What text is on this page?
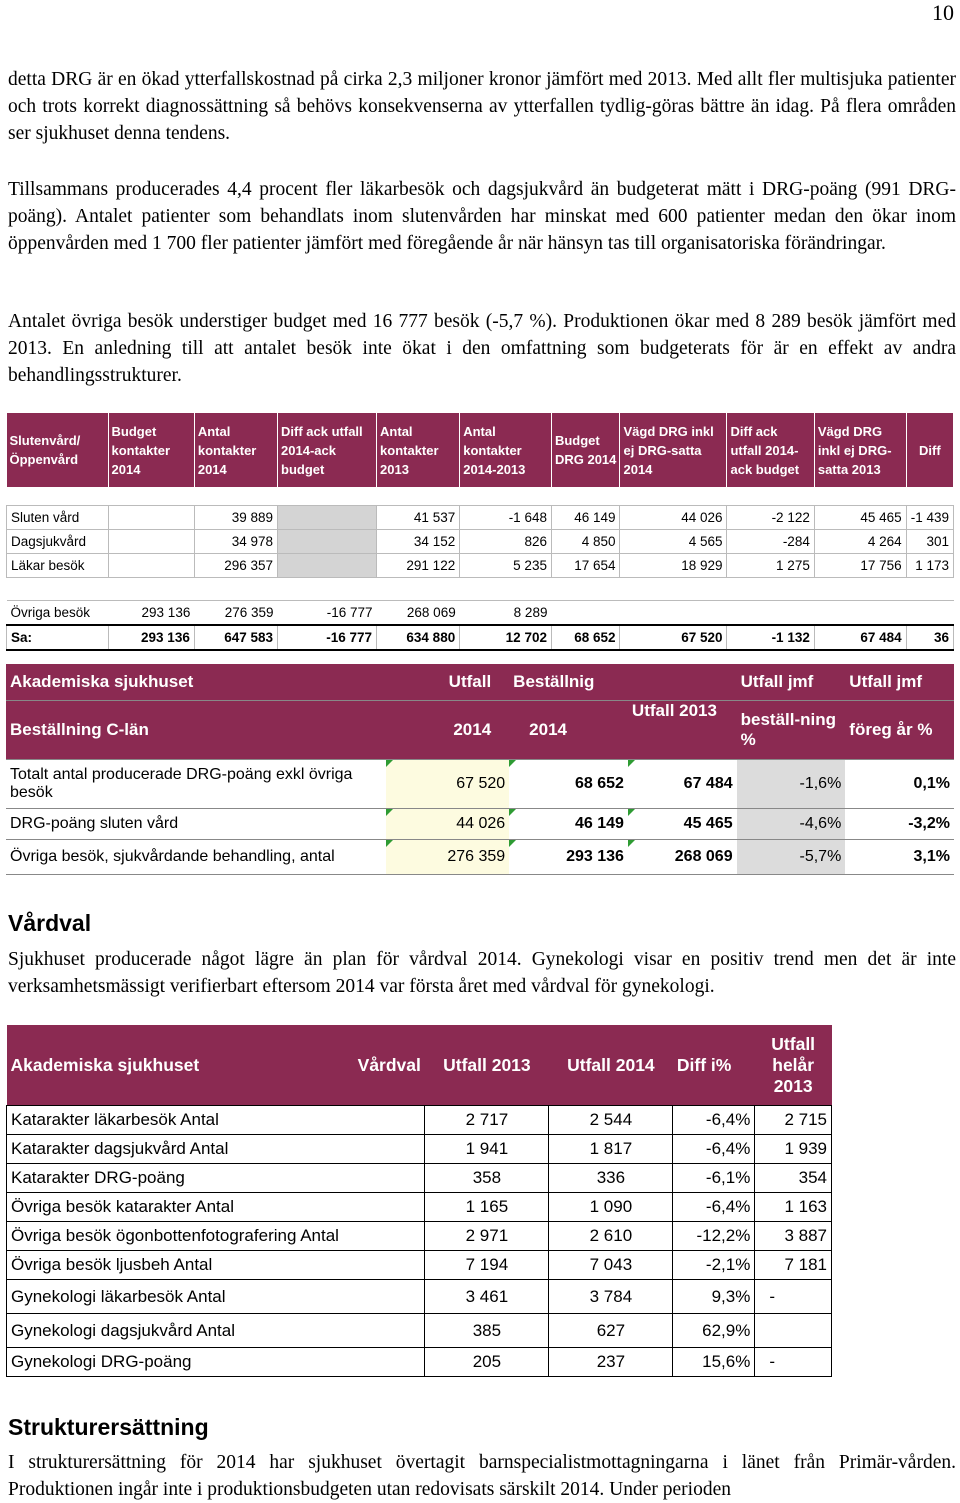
10

detta DRG är en ökad ytterfallskostnad på cirka 2,3 miljoner kronor jämfört med 2013. Med allt fler multisjuka patienter och trots korrekt diagnossättning så behövs konsekvenserna av ytterfallen tydlig-göras bättre än idag. På flera områden ser sjukhuset denna tendens.

Tillsammans producerades 4,4 procent fler läkarbesök och dagsjukvård än budgeterat mätt i DRG-poäng (991 DRG-poäng). Antalet patienter som behandlats inom slutenvården har minskat med 600 patienter medan den ökar inom öppenvården med 1 700 fler patienter jämfört med föregående år när hänsyn tas till organisatoriska förändringar.

Antalet övriga besök understiger budget med 16 777 besök (-5,7 %). Produktionen ökar med 8 289 besök jämfört med 2013. En anledning till att antalet besök inte ökat i den omfattning som budgeterats för är en effekt av andra behandlingsstrukturer.

Slutenvård/ Öppenvård	Budget kontakter 2014	Antal kontakter 2014	Diff ack utfall 2014-ack budget	Antal kontakter 2013	Antal kontakter 2014-2013	Budget DRG 2014	Vägd DRG inkl ej DRG-satta 2014	Diff ack utfall 2014-ack budget	Vägd DRG inkl ej DRG-satta 2013	Diff

Sluten vård		39 889		41 537	-1 648	46 149	44 026	-2 122	45 465	-1 439
Dagsjukvård		34 978		34 152	826	4 850	4 565	-284	4 264	301
Läkar besök		296 357		291 122	5 235	17 654	18 929	1 275	17 756	1 173

Övriga besök	293 136	276 359	-16 777	268 069	8 289					
Sa:	293 136	647 583	-16 777	634 880	12 702	68 652	67 520	-1 132	67 484	36
Akademiska sjukhuset	Utfall	Beställnig		Utfall jmf	Utfall jmf
Beställning C-län	2014	2014	Utfall 2013	beställ-ning %	föreg år %
Totalt antal producerade DRG-poäng exkl övriga besök	67 520	68 652	67 484	-1,6%	0,1%
DRG-poäng sluten vård	44 026	46 149	45 465	-4,6%	-3,2%
Övriga besök, sjukvårdande behandling, antal	276 359	293 136	268 069	-5,7%	3,1%
Vårdval

Sjukhuset producerade något lägre än plan för vårdval 2014. Gynekologi visar en positiv trend men det är inte verksamhetsmässigt verifierbart eftersom 2014 var första året med vårdval för gynekologi.

Akademiska sjukhuset	Vårdval	Utfall 2013	Utfall 2014	Diff i%	Utfall helår 2013
Katarakter läkarbesök Antal		2 717	2 544	-6,4%	2 715
Katarakter dagsjukvård Antal		1 941	1 817	-6,4%	1 939
Katarakter DRG-poäng		358	336	-6,1%	354
Övriga besök katarakter Antal		1 165	1 090	-6,4%	1 163
Övriga besök ögonbottenfotografering Antal		2 971	2 610	-12,2%	3 887
Övriga besök ljusbeh Antal		7 194	7 043	-2,1%	7 181
Gynekologi läkarbesök Antal		3 461	3 784	9,3%	-
Gynekologi dagsjukvård Antal		385	627	62,9%	
Gynekologi DRG-poäng		205	237	15,6%	-
Strukturersättning

I strukturersättning för 2014 har sjukhuset övertagit barnspecialistmottagningarna i länet från Primär-vården. Produktionen ingår inte i produktionsbudgeten utan redovisats särskilt 2014. Under perioden
